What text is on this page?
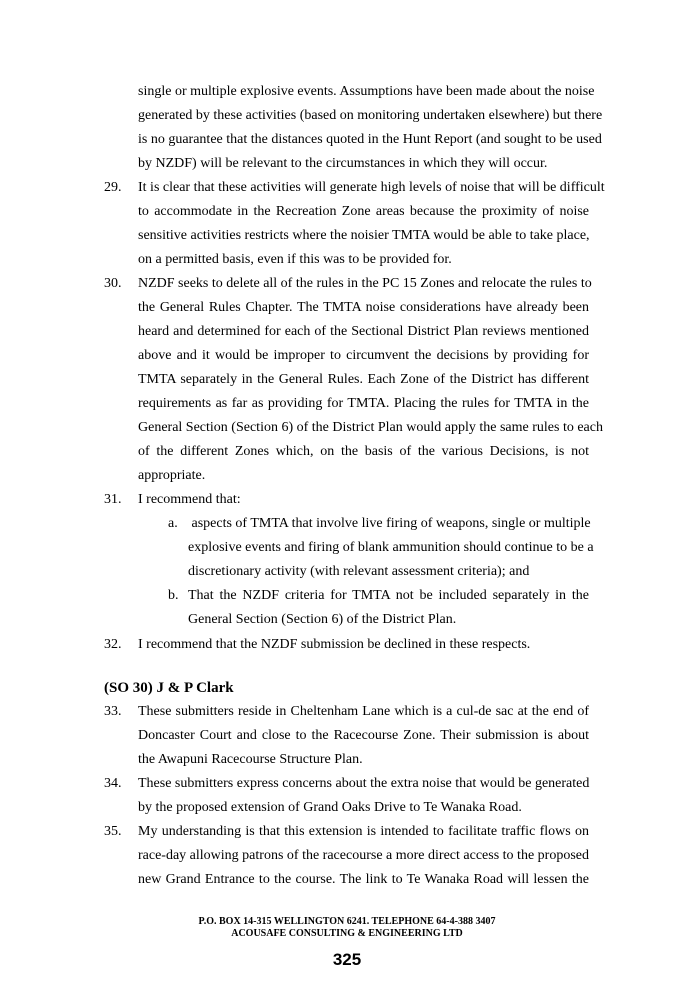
single or multiple explosive events. Assumptions have been made about the noise
generated by these activities (based on monitoring undertaken elsewhere) but there
is no guarantee that the distances quoted in the Hunt Report (and sought to be used
by NZDF) will be relevant to the circumstances in which they will occur.
29. It is clear that these activities will generate high levels of noise that will be difficult
to accommodate in the Recreation Zone areas because the proximity of noise
sensitive activities restricts where the noisier TMTA would be able to take place,
on a permitted basis, even if this was to be provided for.
30. NZDF seeks to delete all of the rules in the PC 15 Zones and relocate the rules to
the General Rules Chapter. The TMTA noise considerations have already been
heard and determined for each of the Sectional District Plan reviews mentioned
above and it would be improper to circumvent the decisions by providing for
TMTA separately in the General Rules. Each Zone of the District has different
requirements as far as providing for TMTA. Placing the rules for TMTA in the
General Section (Section 6) of the District Plan would apply the same rules to each
of the different Zones which, on the basis of the various Decisions, is not
appropriate.
31. I recommend that:
a. aspects of TMTA that involve live firing of weapons, single or multiple
explosive events and firing of blank ammunition should continue to be a
discretionary activity (with relevant assessment criteria); and
b. That the NZDF criteria for TMTA not be included separately in the
General Section (Section 6) of the District Plan.
32. I recommend that the NZDF submission be declined in these respects.
(SO 30) J & P Clark
33. These submitters reside in Cheltenham Lane which is a cul-de sac at the end of
Doncaster Court and close to the Racecourse Zone. Their submission is about
the Awapuni Racecourse Structure Plan.
34. These submitters express concerns about the extra noise that would be generated
by the proposed extension of Grand Oaks Drive to Te Wanaka Road.
35. My understanding is that this extension is intended to facilitate traffic flows on
race-day allowing patrons of the racecourse a more direct access to the proposed
new Grand Entrance to the course. The link to Te Wanaka Road will lessen the
P.O. BOX 14-315 WELLINGTON 6241. TELEPHONE 64-4-388 3407
ACOUSAFE CONSULTING & ENGINEERING LTD
325
